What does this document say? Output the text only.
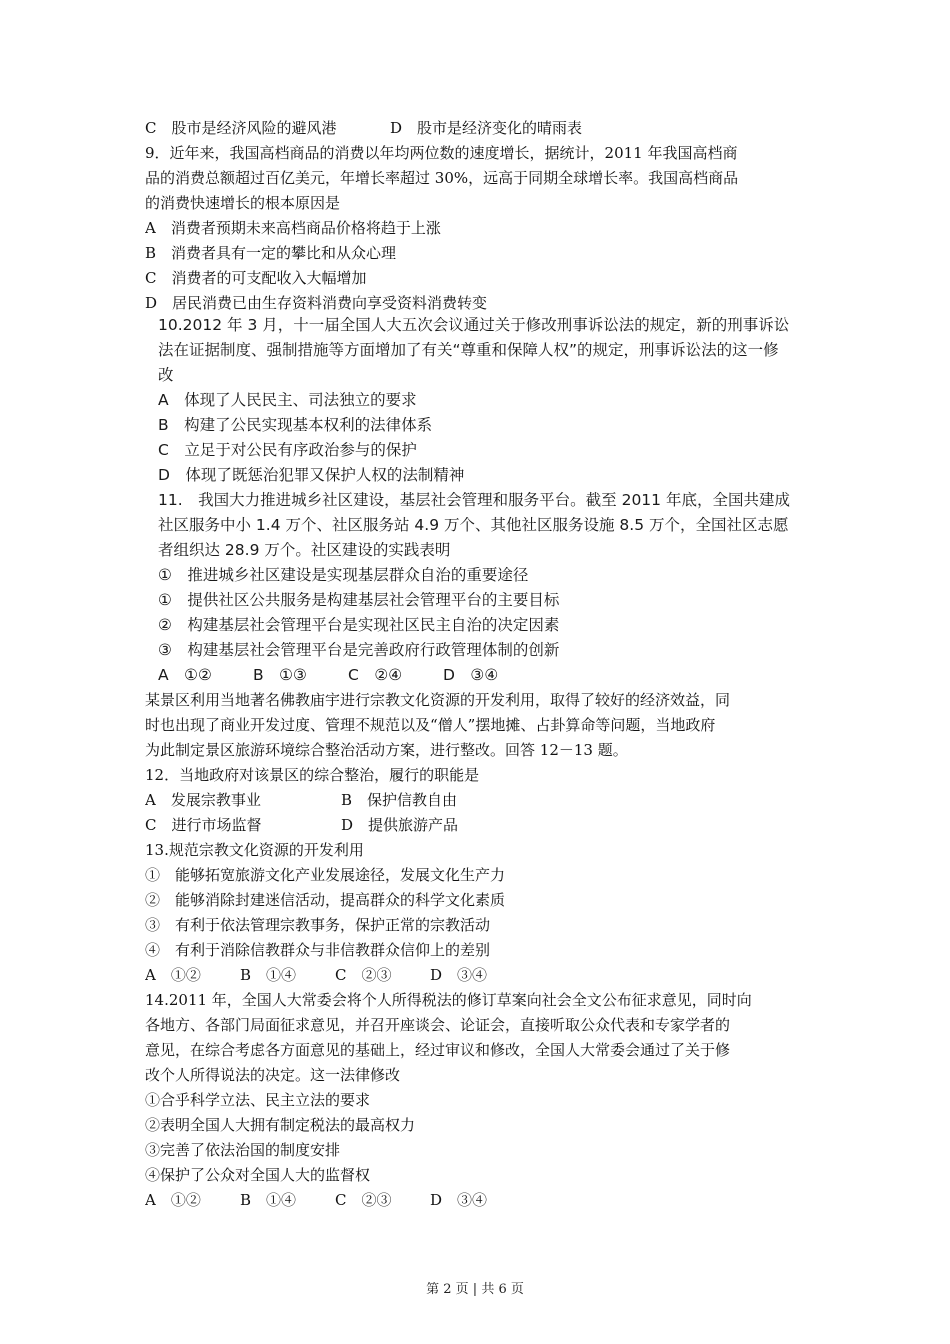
C　股市是经济风险的避风港	D　股市是经济变化的晴雨表
9．近年来，我国高档商品的消费以年均两位数的速度增长，据统计，2011 年我国高档商
品的消费总额超过百亿美元，年增长率超过 30%，远高于同期全球增长率。我国高档商品
的消费快速增长的根本原因是
A　消费者预期未来高档商品价格将趋于上涨
B　消费者具有一定的攀比和从众心理
C　消费者的可支配收入大幅增加
D　居民消费已由生存资料消费向享受资料消费转变
10.2012 年 3 月，十一届全国人大五次会议通过关于修改刑事诉讼法的规定，新的刑事诉讼
法在证据制度、强制措施等方面增加了有关“尊重和保障人权”的规定，刑事诉讼法的这一修
改
A　体现了人民民主、司法独立的要求
B　构建了公民实现基本权利的法律体系
C　立足于对公民有序政治参与的保护
D　体现了既惩治犯罪又保护人权的法制精神
11.　我国大力推进城乡社区建设，基层社会管理和服务平台。截至 2011 年底，全国共建成
社区服务中小 1.4 万个、社区服务站 4.9 万个、其他社区服务设施 8.5 万个，全国社区志愿
者组织达 28.9 万个。社区建设的实践表明
①　推进城乡社区建设是实现基层群众自治的重要途径
①　提供社区公共服务是构建基层社会管理平台的主要目标
②　构建基层社会管理平台是实现社区民主自治的决定因素
③　构建基层社会管理平台是完善政府行政管理体制的创新
A　①②	B　①③	C　②④	D　③④
某景区利用当地著名佛教庙宇进行宗教文化资源的开发利用，取得了较好的经济效益，同
时也出现了商业开发过度、管理不规范以及“僧人”摆地摊、占卦算命等问题，当地政府
为此制定景区旅游环境综合整治活动方案，进行整改。回答 12－13 题。
12．当地政府对该景区的综合整治，履行的职能是
A　发展宗教事业	B　保护信教自由
C　进行市场监督	D　提供旅游产品
13.规范宗教文化资源的开发利用
①　能够拓宽旅游文化产业发展途径，发展文化生产力
②　能够消除封建迷信活动，提高群众的科学文化素质
③　有利于依法管理宗教事务，保护正常的宗教活动
④　有利于消除信教群众与非信教群众信仰上的差别
A　①②	B　①④	C　②③	D　③④
14.2011 年，全国人大常委会将个人所得税法的修订草案向社会全文公布征求意见，同时向
各地方、各部门局面征求意见，并召开座谈会、论证会，直接听取公众代表和专家学者的
意见，在综合考虑各方面意见的基础上，经过审议和修改，全国人大常委会通过了关于修
改个人所得说法的决定。这一法律修改
①合乎科学立法、民主立法的要求
②表明全国人大拥有制定税法的最高权力
③完善了依法治国的制度安排
④保护了公众对全国人大的监督权
A　①②	B　①④	C　②③	D　③④
第 2 页 | 共 6 页
